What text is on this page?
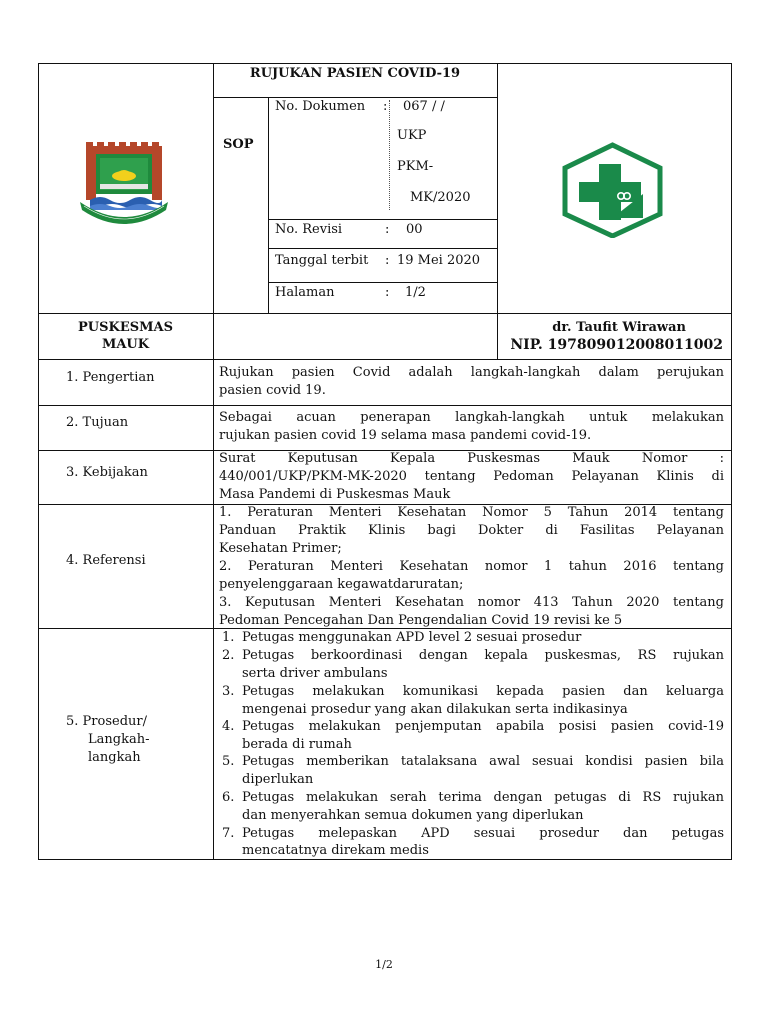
RUJUKAN PASIEN COVID-19
SOP
No. Dokumen : 067 / /
UKP
PKM-
MK/2020
No. Revisi	: 00
Tanggal terbit : 19 Mei 2020
Halaman	: 1/2
PUSKESMAS
MAUK
dr. Taufit Wirawan
NIP. 197809012008011002
1. Pengertian
2. Tujuan
3. Kebijakan
4. Referensi
5. Prosedur/
Langkah-
langkah
Rujukan pasien Covid adalah langkah-langkah dalam perujukan
pasien covid 19.
Sebagai acuan penerapan langkah-langkah untuk melakukan
rujukan pasien covid 19 selama masa pandemi covid-19.
Surat Keputusan Kepala Puskesmas Mauk Nomor :
440/001/UKP/PKM-MK-2020 tentang Pedoman Pelayanan Klinis di
Masa Pandemi di Puskesmas Mauk
1. Peraturan Menteri Kesehatan Nomor 5 Tahun 2014 tentang
Panduan Praktik Klinis bagi Dokter di Fasilitas Pelayanan
Kesehatan Primer;
2. Peraturan Menteri Kesehatan nomor 1 tahun 2016 tentang
penyelenggaraan kegawatdaruratan;
3. Keputusan Menteri Kesehatan nomor 413 Tahun 2020 tentang
Pedoman Pencegahan Dan Pengendalian Covid 19 revisi ke 5
1. Petugas menggunakan APD level 2 sesuai prosedur
2. Petugas berkoordinasi dengan kepala puskesmas, RS rujukan
serta driver ambulans
3. Petugas melakukan komunikasi kepada pasien dan keluarga
mengenai prosedur yang akan dilakukan serta indikasinya
4. Petugas melakukan penjemputan apabila posisi pasien covid-19
berada di rumah
5. Petugas memberikan tatalaksana awal sesuai kondisi pasien bila
diperlukan
6. Petugas melakukan serah terima dengan petugas di RS rujukan
dan menyerahkan semua dokumen yang diperlukan
7. Petugas melepaskan APD sesuai prosedur dan petugas
mencatatnya direkam medis
1/2
